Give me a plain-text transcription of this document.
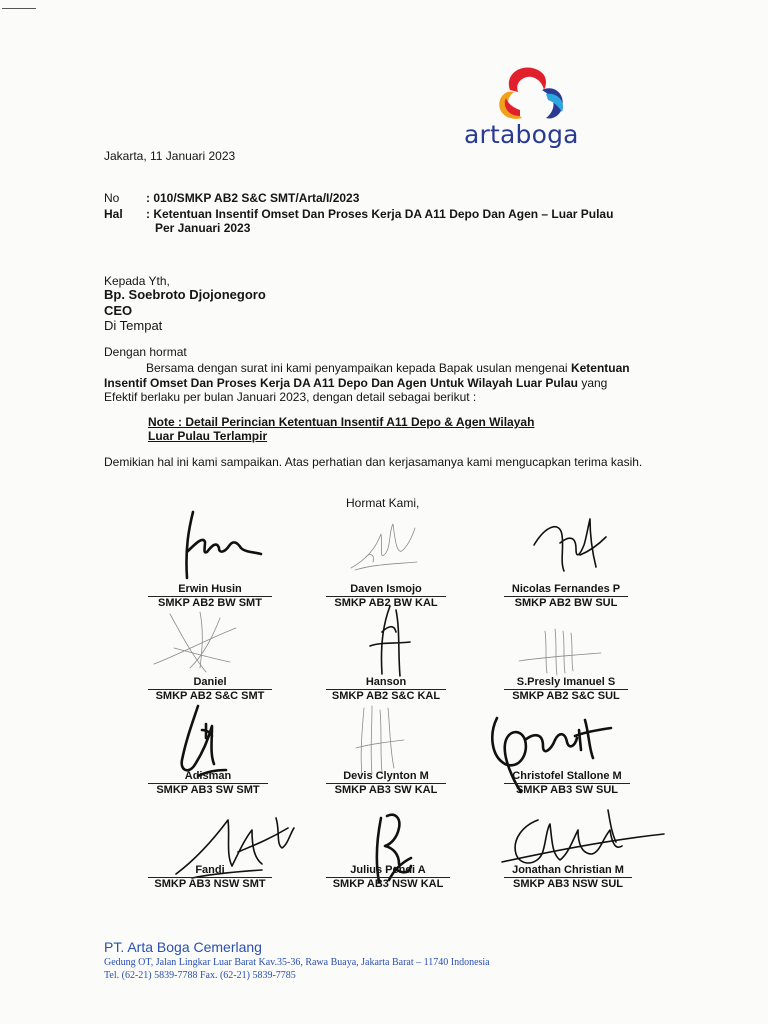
artaboga
Jakarta, 11 Januari 2023
No : 010/SMKP AB2 S&C SMT/Arta/I/2023
Hal : Ketentuan Insentif Omset Dan Proses Kerja DA A11 Depo Dan Agen – Luar Pulau
Per Januari 2023
Kepada Yth,
Bp. Soebroto Djojonegoro
CEO
Di Tempat
Dengan hormat
Bersama dengan surat ini kami penyampaikan kepada Bapak usulan mengenai Ketentuan
Insentif Omset Dan Proses Kerja DA A11 Depo Dan Agen Untuk Wilayah Luar Pulau yang
Efektif berlaku per bulan Januari 2023, dengan detail sebagai berikut :
Note : Detail Perincian Ketentuan Insentif A11 Depo & Agen Wilayah
Luar Pulau Terlampir
Demikian hal ini kami sampaikan. Atas perhatian dan kerjasamanya kami mengucapkan terima kasih.
Hormat Kami,
Erwin Husin
SMKP AB2 BW SMT
Daven Ismojo
SMKP AB2 BW KAL
Nicolas Fernandes P
SMKP AB2 BW SUL
Daniel
SMKP AB2 S&C SMT
Hanson
SMKP AB2 S&C KAL
S.Presly Imanuel S
SMKP AB2 S&C SUL
Adisman
SMKP AB3 SW SMT
Devis Clynton M
SMKP AB3 SW KAL
Christofel Stallone M
SMKP AB3 SW SUL
Fandi
SMKP AB3 NSW SMT
Julius Pendi A
SMKP AB3 NSW KAL
Jonathan Christian M
SMKP AB3 NSW SUL
PT. Arta Boga Cemerlang
Gedung OT, Jalan Lingkar Luar Barat Kav.35-36, Rawa Buaya, Jakarta Barat – 11740 Indonesia
Tel. (62-21) 5839-7788 Fax. (62-21) 5839-7785
